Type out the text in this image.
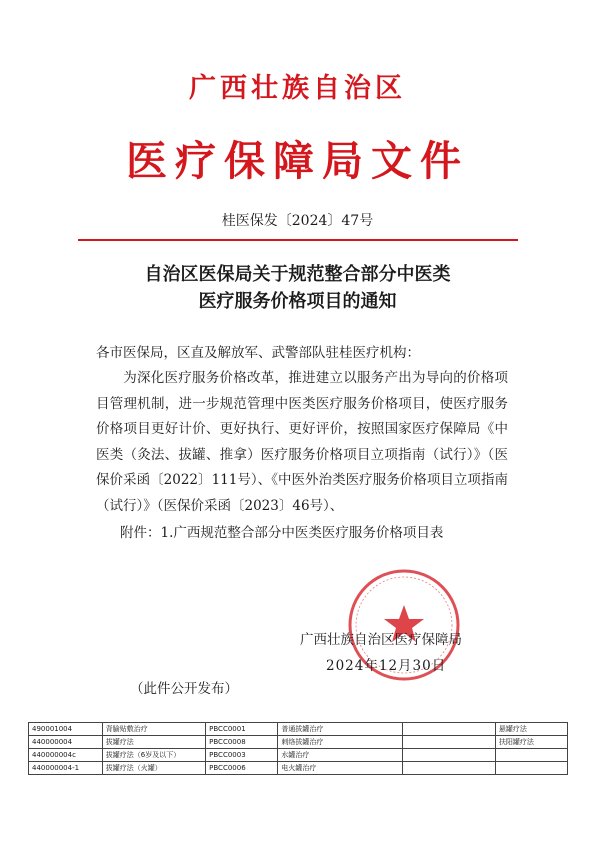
广西壮族自治区
医疗保障局文件
桂医保发〔2024〕47号
自治区医保局关于规范整合部分中医类
医疗服务价格项目的通知
各市医保局，区直及解放军、武警部队驻桂医疗机构：
为深化医疗服务价格改革，推进建立以服务产出为导向的价格项目管理机制，进一步规范管理中医类医疗服务价格项目，使医疗服务价格项目更好计价、更好执行、更好评价，按照国家医疗保障局《中医类（灸法、拔罐、推拿）医疗服务价格项目立项指南（试行）》（医保价采函〔2022〕111号）、《中医外治类医疗服务价格项目立项指南（试行）》（医保价采函〔2023〕46号）、
附件：1.广西规范整合部分中医类医疗服务价格项目表
广西壮族自治区医疗保障局
2024年12月30日
（此件公开发布）
490001004	背腧贴敷治疗	PBCC0001	普通拔罐治疗		悬罐疗法
440000004	拔罐疗法	PBCC0008	刺络拔罐治疗		扶阳罐疗法
440000004c	拔罐疗法（6岁及以下）	PBCC0003	水罐治疗		
440000004-1	拔罐疗法（火罐）	PBCC0006	电火罐治疗		
